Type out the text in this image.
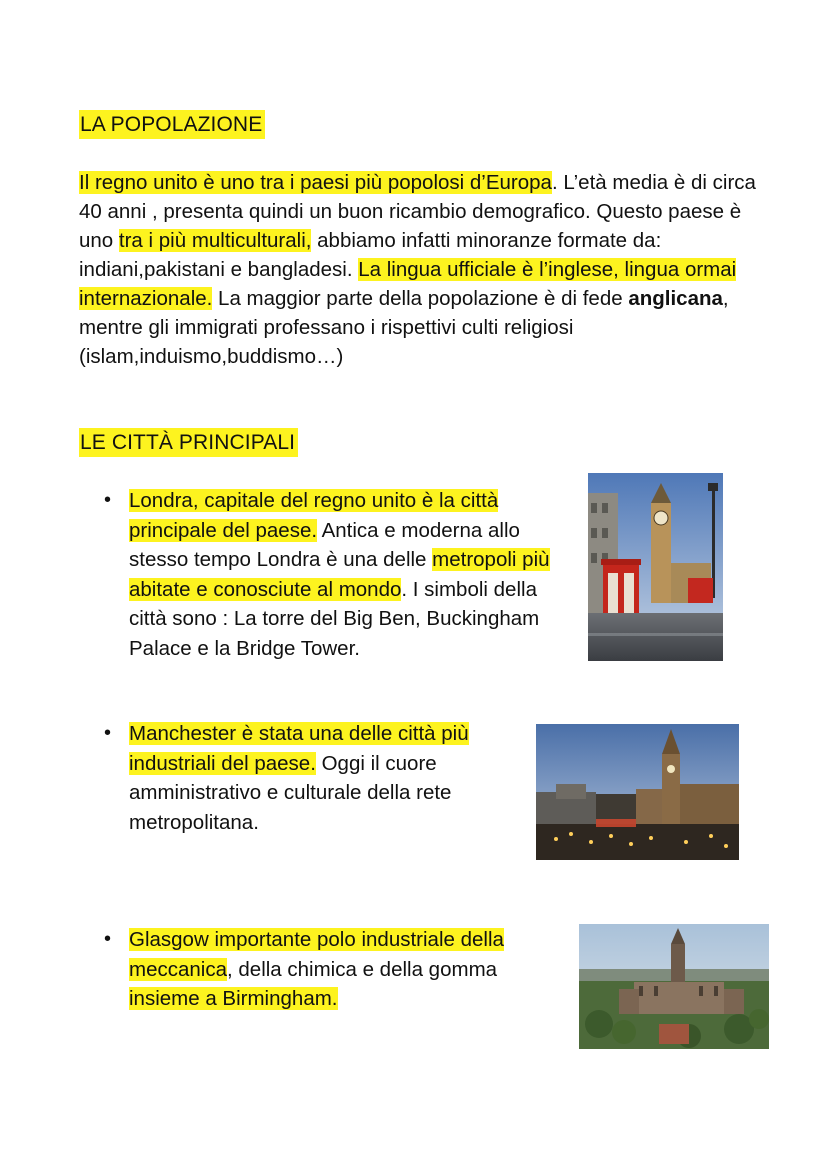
LA POPOLAZIONE

Il regno unito è uno tra i paesi più popolosi d’Europa. L’età media è di circa 40 anni , presenta quindi un buon ricambio demografico. Questo paese è uno tra i più multiculturali, abbiamo infatti minoranze formate da: indiani,pakistani e bangladesi. La lingua ufficiale è l’inglese, lingua ormai internazionale. La maggior parte della popolazione è di fede anglicana, mentre gli immigrati professano i rispettivi culti religiosi (islam,induismo,buddismo…)

LE CITTÀ PRINCIPALI
• Londra, capitale del regno unito è la città principale del paese. Antica e moderna allo stesso tempo Londra è una delle metropoli più abitate e conosciute al mondo. I simboli della città sono : La torre del Big Ben, Buckingham Palace e la Bridge Tower.

• Manchester è stata una delle città più industriali del paese. Oggi il cuore amministrativo e culturale della rete metropolitana.

• Glasgow importante polo industriale della meccanica, della chimica e della gomma insieme a Birmingham.
